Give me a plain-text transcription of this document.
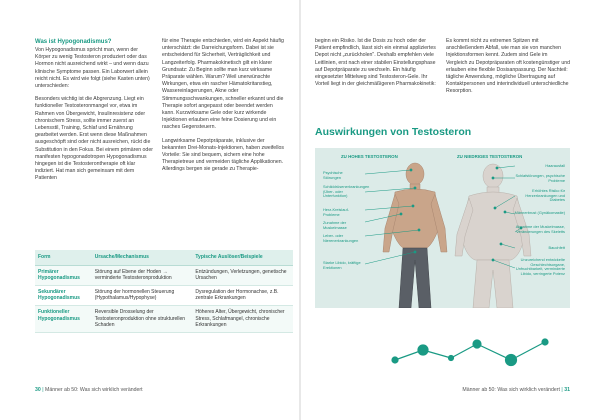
Was ist Hypogonadismus?

Von Hypogonadismus spricht man, wenn der Körper zu wenig Testosteron produziert oder das Hormon nicht ausreichend wirkt – und wenn dazu klinische Symptome passen. Ein Laborwert allein reicht nicht. Es wird wie folgt (siehe Kasten unten) unterschieden:

Besonders wichtig ist die Abgrenzung. Liegt ein funktioneller Testosteronmangel vor, etwa im Rahmen von Übergewicht, Insulinresistenz oder chronischem Stress, sollte immer zuerst an Lebensstil, Training, Schlaf und Ernährung gearbeitet werden. Erst wenn diese Maßnahmen ausgeschöpft sind oder nicht ausreichen, rückt die Substitution in den Fokus. Bei einem primären oder manifesten hypogonadotropen Hypogonadismus hingegen ist die Testosterontherapie oft klar indiziert. Hat man sich gemeinsam mit dem Patienten

für eine Therapie entschieden, wird ein Aspekt häufig unterschätzt: die Darreichungsform. Dabei ist sie entscheidend für Sicherheit, Verträglichkeit und Langzeiterfolg. Pharmakokinetisch gilt ein klarer Grundsatz: Zu Beginn sollte man kurz wirksame Präparate wählen. Warum? Weil unerwünschte Wirkungen, etwa ein rascher Hämatokritanstieg, Wassereinlagerungen, Akne oder Stimmungsschwankungen, schneller erkannt und die Therapie sofort angepasst oder beendet werden kann. Kurzwirksame Gele oder kurz wirkende Injektionen erlauben eine feine Dosierung und ein rasches Gegensteuern.

Langwirksame Depotpräparate, inklusive der bekannten Drei-Monats-Injektionen, haben zweifellos Vorteile: Sie sind bequem, sichern eine hohe Therapietreue und vermeiden tägliche Applikationen. Allerdings bergen sie gerade zu Therapie-

Form	Ursache/Mechanismus	Typische Auslöser/Beispiele
Primärer Hypogonadismus	Störung auf Ebene der Hoden → verminderte Testosteronproduktion	Entzündungen, Verletzungen, genetische Ursachen
Sekundärer Hypogonadismus	Störung der hormonellen Steuerung (Hypothalamus/Hypophyse)	Dysregulation der Hormonachse, z.B. zentrale Erkrankungen
Funktioneller Hypogonadismus	Reversible Drosselung der Testosteronproduktion ohne strukturellen Schaden	Höheres Alter, Übergewicht, chronischer Stress, Schlafmangel, chronische Erkrankungen
30 | Männer ab 50: Was sich wirklich verändert

beginn ein Risiko. Ist die Dosis zu hoch oder der Patient empfindlich, lässt sich ein einmal appliziertes Depot nicht „zurückholen". Deshalb empfehlen viele Leitlinien, erst nach einer stabilen Einstellungsphase auf Depotpräparate zu wechseln. Ein häufig eingesetzter Mittelweg sind Testosteron-Gele. Ihr Vorteil liegt in der gleichmäßigeren Pharmakokinetik:

Es kommt nicht zu extremen Spitzen mit anschließendem Abfall, wie man sie von manchen Injektionsformen kennt. Zudem sind Gele im Vergleich zu Depotpräparaten oft kostengünstiger und erlauben eine flexible Dosisanpassung. Der Nachteil: tägliche Anwendung, mögliche Übertragung auf Kontaktpersonen und interindividuell unterschiedliche Resorption.

Auswirkungen von Testosteron
ZU HOHES TESTOSTERON	ZU NIEDRIGES TESTOSTERON
Psychische Störungen
Schilddrüsenerkrankungen (Über- oder Unterfunktion)
Herz-Kreislauf-Probleme
Zunahme der Muskelmasse
Leber- oder Nierenerkrankungen
Starke Libido, kräftige Erektionen
Haarausfall
Schlafstörungen, psychische Probleme
Erhöhtes Risiko für Herzerkrankungen und Diabetes
Männerbrust (Gynäkomastie)
Abnahme der Muskelmasse, Veränderungen des Skeletts
Bauchfett
Unzureichend entwickelte Geschlechtsorgane, Unfruchtbarkeit, verminderte Libido, verringerte Potenz
Männer ab 50: Was sich wirklich verändert | 31
